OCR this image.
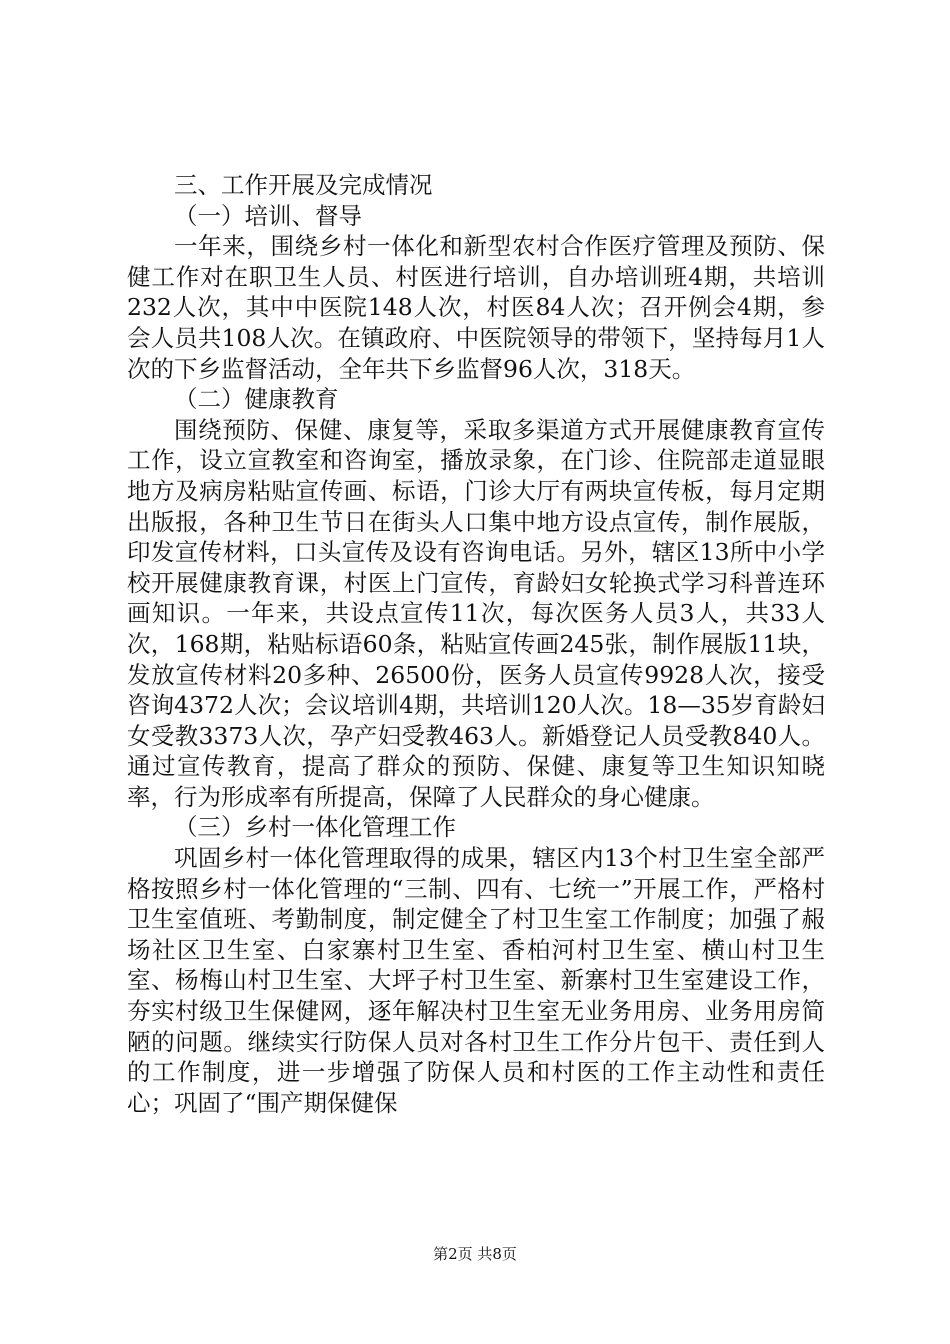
三、工作开展及完成情况

（一）培训、督导

一年来，围绕乡村一体化和新型农村合作医疗管理及预防、保健工作对在职卫生人员、村医进行培训，自办培训班4期，共培训232人次，其中中医院148人次，村医84人次；召开例会4期，参会人员共108人次。在镇政府、中医院领导的带领下，坚持每月1人次的下乡监督活动，全年共下乡监督96人次，318天。

（二）健康教育

围绕预防、保健、康复等，采取多渠道方式开展健康教育宣传工作，设立宣教室和咨询室，播放录象，在门诊、住院部走道显眼地方及病房粘贴宣传画、标语，门诊大厅有两块宣传板，每月定期出版报，各种卫生节日在街头人口集中地方设点宣传，制作展版，印发宣传材料，口头宣传及设有咨询电话。另外，辖区13所中小学校开展健康教育课，村医上门宣传，育龄妇女轮换式学习科普连环画知识。一年来，共设点宣传11次，每次医务人员3人，共33人次，168期，粘贴标语60条，粘贴宣传画245张，制作展版11块，发放宣传材料20多种、26500份，医务人员宣传9928人次，接受咨询4372人次；会议培训4期，共培训120人次。18—35岁育龄妇女受教3373人次，孕产妇受教463人。新婚登记人员受教840人。通过宣传教育，提高了群众的预防、保健、康复等卫生知识知晓率，行为形成率有所提高，保障了人民群众的身心健康。

（三）乡村一体化管理工作

巩固乡村一体化管理取得的成果，辖区内13个村卫生室全部严格按照乡村一体化管理的“三制、四有、七统一”开展工作，严格村卫生室值班、考勤制度，制定健全了村卫生室工作制度；加强了赧场社区卫生室、白家寨村卫生室、香柏河村卫生室、横山村卫生室、杨梅山村卫生室、大坪子村卫生室、新寨村卫生室建设工作，夯实村级卫生保健网，逐年解决村卫生室无业务用房、业务用房简陋的问题。继续实行防保人员对各村卫生工作分片包干、责任到人的工作制度，进一步增强了防保人员和村医的工作主动性和责任心；巩固了“围产期保健保

第2页 共8页
